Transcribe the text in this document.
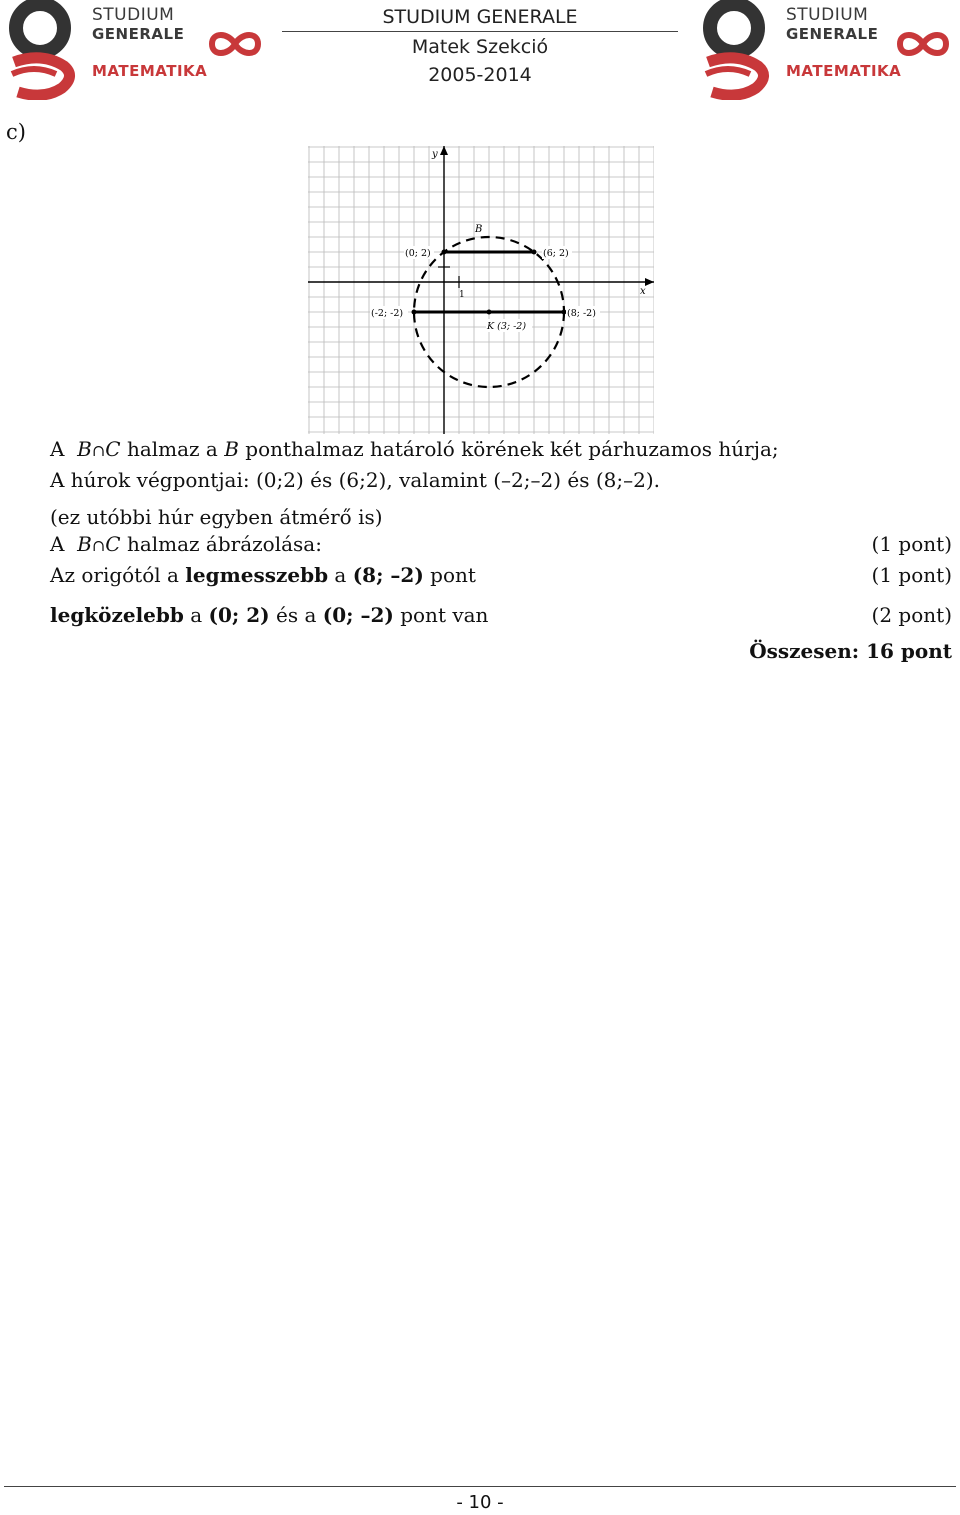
STUDIUM
GENERALE
MATEMATIKA
STUDIUM GENERALE
Matek Szekció
2005-2014
STUDIUM
GENERALE
MATEMATIKA
c)
x
y
1
B
(0; 2)	(6; 2)
(-2; -2)	(8; -2)
K (3; -2)
A B∩C halmaz a B ponthalmaz határoló körének két párhuzamos húrja;
A húrok végpontjai: (0;2) és (6;2), valamint (–2;–2) és (8;–2).
(ez utóbbi húr egyben átmérő is)
A B∩C halmaz ábrázolása:	(1 pont)
Az origótól a legmesszebb a (8; –2) pont	(1 pont)
legközelebb a (0; 2) és a (0; –2) pont van	(2 pont)
Összesen: 16 pont
- 10 -
